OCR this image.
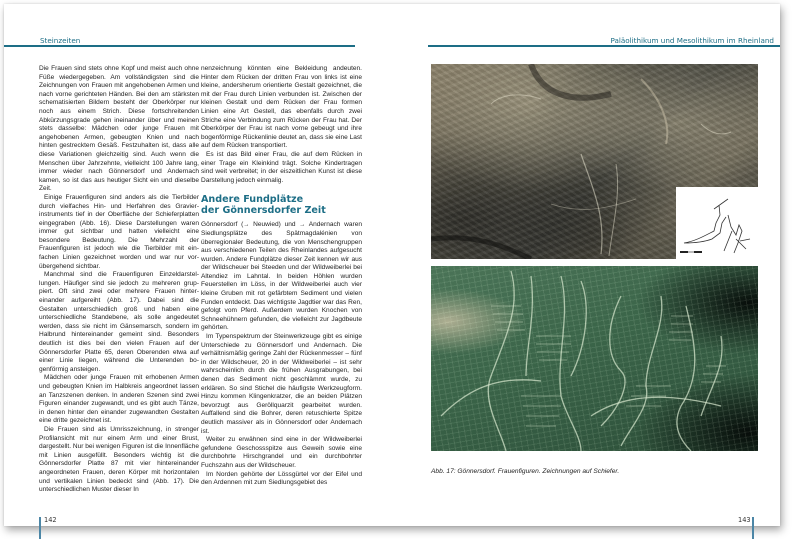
Steinzeiten

Die Frauen sind stets ohne Kopf und meist auch ohne Füße wiedergegeben. Am vollständigsten sind die Zeichnungen von Frauen mit angehobenen Armen und nach vorne gerichteten Händen. Bei den am stärksten schematisierten Bildern besteht der Oberkörper nur noch aus einem Strich. Diese fortschreitenden Abkürzungsgrade gehen ineinander über und meinen stets dasselbe: Mädchen oder junge Frauen mit angehobenen Armen, gebeugten Knien und nach hinten gestrecktem Gesäß. Festzuhalten ist, dass alle diese Variationen gleichzeitig sind. Auch wenn die Menschen über Jahrzehnte, vielleicht 100 Jahre lang, immer wieder nach Gönnersdorf und Andernach kamen, so ist das aus heutiger Sicht ein und dieselbe Zeit.

Einige Frauenfiguren sind anders als die Tierbilder durch vielfaches Hin- und Herfahren des Gravierinstruments tief in der Oberfläche der Schieferplatten eingegraben (Abb. 16). Diese Darstellungen waren immer gut sichtbar und hatten vielleicht eine besondere Bedeutung. Die Mehrzahl der Frauenfiguren ist jedoch wie die Tierbilder mit einfachen Linien gezeichnet worden und war nur vorübergehend sichtbar.

Manchmal sind die Frauenfiguren Einzeldarstellungen. Häufiger sind sie jedoch zu mehreren gruppiert. Oft sind zwei oder mehrere Frauen hintereinander aufgereiht (Abb. 17). Dabei sind die Gestalten unterschiedlich groß und haben eine unterschiedliche Standebene, als solle angedeutet werden, dass sie nicht im Gänsemarsch, sondern im Halbrund hintereinander gemeint sind. Besonders deutlich ist dies bei den vielen Frauen auf der Gönnersdorfer Platte 65, deren Oberenden etwa auf einer Linie liegen, während die Unterenden bogenförmig ansteigen.

Mädchen oder junge Frauen mit erhobenen Armen und gebeugten Knien im Halbkreis angeordnet lassen an Tanzszenen denken. In anderen Szenen sind zwei Figuren einander zugewandt, und es gibt auch Tänze, in denen hinter den einander zugewandten Gestalten eine dritte gezeichnet ist.

Die Frauen sind als Umrisszeichnung, in strenger Profilansicht mit nur einem Arm und einer Brust, dargestellt. Nur bei wenigen Figuren ist die Innenfläche mit Linien ausgefüllt. Besonders wichtig ist die Gönnersdorfer Platte 87 mit vier hintereinander angeordneten Frauen, deren Körper mit horizontalen und vertikalen Linien bedeckt sind (Abb. 17). Die unterschiedlichen Muster dieser In

nenzeichnung könnten eine Bekleidung andeuten. Hinter dem Rücken der dritten Frau von links ist eine kleine, andersherum orientierte Gestalt gezeichnet, die mit der Frau durch Linien verbunden ist. Zwischen der kleinen Gestalt und dem Rücken der Frau formen Linien eine Art Gestell, das ebenfalls durch zwei Striche eine Verbindung zum Rücken der Frau hat. Der Oberkörper der Frau ist nach vorne gebeugt und ihre bogenförmige Rückenlinie deutet an, dass sie eine Last auf dem Rücken transportiert.

Es ist das Bild einer Frau, die auf dem Rücken in einer Trage ein Kleinkind trägt. Solche Kindertragen sind weit verbreitet; in der eiszeitlichen Kunst ist diese Darstellung jedoch einmalig.

Andere Fundplätze
der Gönnersdorfer Zeit

Gönnersdorf (→ Neuwied) und → Andernach waren Siedlungsplätze des Spätmagdalénien von überregionaler Bedeutung, die von Menschengruppen aus verschiedenen Teilen des Rheinlandes aufgesucht wurden. Andere Fundplätze dieser Zeit kennen wir aus der Wildscheuer bei Steeden und der Wildweiberlei bei Altendiez im Lahntal. In beiden Höhlen wurden Feuerstellen im Löss, in der Wildweiberlei auch vier kleine Gruben mit rot gefärbtem Sediment und vielen Funden entdeckt. Das wichtigste Jagdtier war das Ren, gefolgt vom Pferd. Außerdem wurden Knochen von Schneehühnern gefunden, die vielleicht zur Jagdbeute gehörten.

Im Typenspektrum der Steinwerkzeuge gibt es einige Unterschiede zu Gönnersdorf und Andernach. Die verhältnismäßig geringe Zahl der Rückenmesser – fünf in der Wildscheuer, 20 in der Wildweiberlei – ist sehr wahrscheinlich durch die frühen Ausgrabungen, bei denen das Sediment nicht geschlämmt wurde, zu erklären. So sind Stichel die häufigste Werkzeugform. Hinzu kommen Klingenkratzer, die an beiden Plätzen bevorzugt aus Geröllquarzit gearbeitet wurden. Auffallend sind die Bohrer, deren retuschierte Spitze deutlich massiver als in Gönnersdorf oder Andernach ist.

Weiter zu erwähnen sind eine in der Wildweiberlei gefundene Geschossspitze aus Geweih sowie eine durchbohrte Hirschgrandel und ein durchbohrter Fuchszahn aus der Wildscheuer.

Im Norden gehörte der Lössgürtel vor der Eifel und den Ardennen mit zum Siedlungsgebiet des

142
Paläolithikum und Mesolithikum im Rheinland
Abb. 17: Gönnersdorf. Frauenfiguren. Zeichnungen auf Schiefer.
143
